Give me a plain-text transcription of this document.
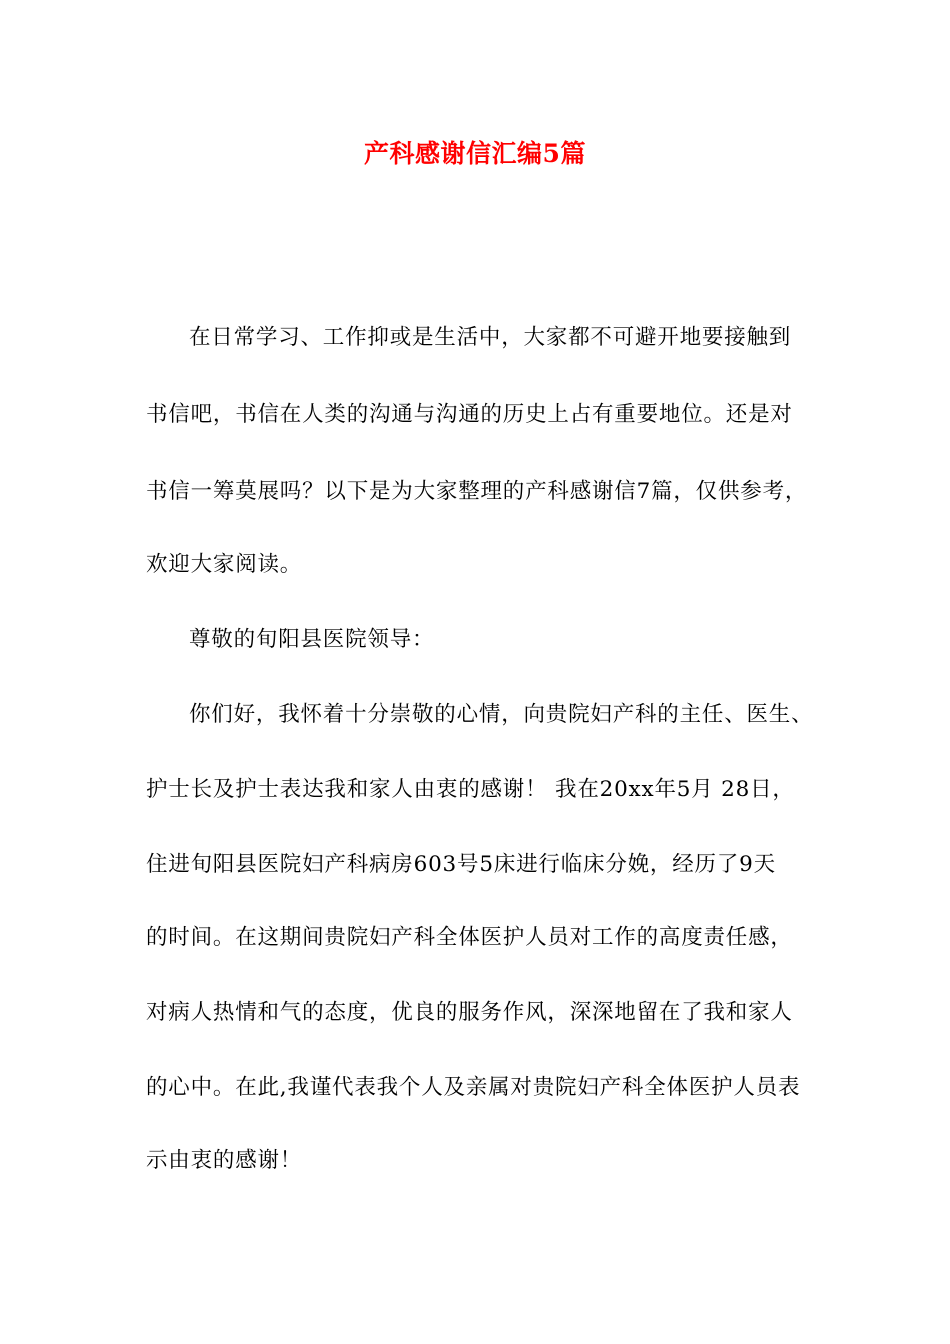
产科感谢信汇编5篇
在日常学习、工作抑或是生活中，大家都不可避开地要接触到
书信吧，书信在人类的沟通与沟通的历史上占有重要地位。还是对
书信一筹莫展吗？以下是为大家整理的产科感谢信7篇，仅供参考，
欢迎大家阅读。
尊敬的旬阳县医院领导：
你们好，我怀着十分崇敬的心情，向贵院妇产科的主任、医生、
护士长及护士表达我和家人由衷的感谢！ 我在20xx年5月 28日，
住进旬阳县医院妇产科病房603号5床进行临床分娩，经历了9天
的时间。在这期间贵院妇产科全体医护人员对工作的高度责任感，
对病人热情和气的态度，优良的服务作风，深深地留在了我和家人
的心中。在此,我谨代表我个人及亲属对贵院妇产科全体医护人员表
示由衷的感谢！
